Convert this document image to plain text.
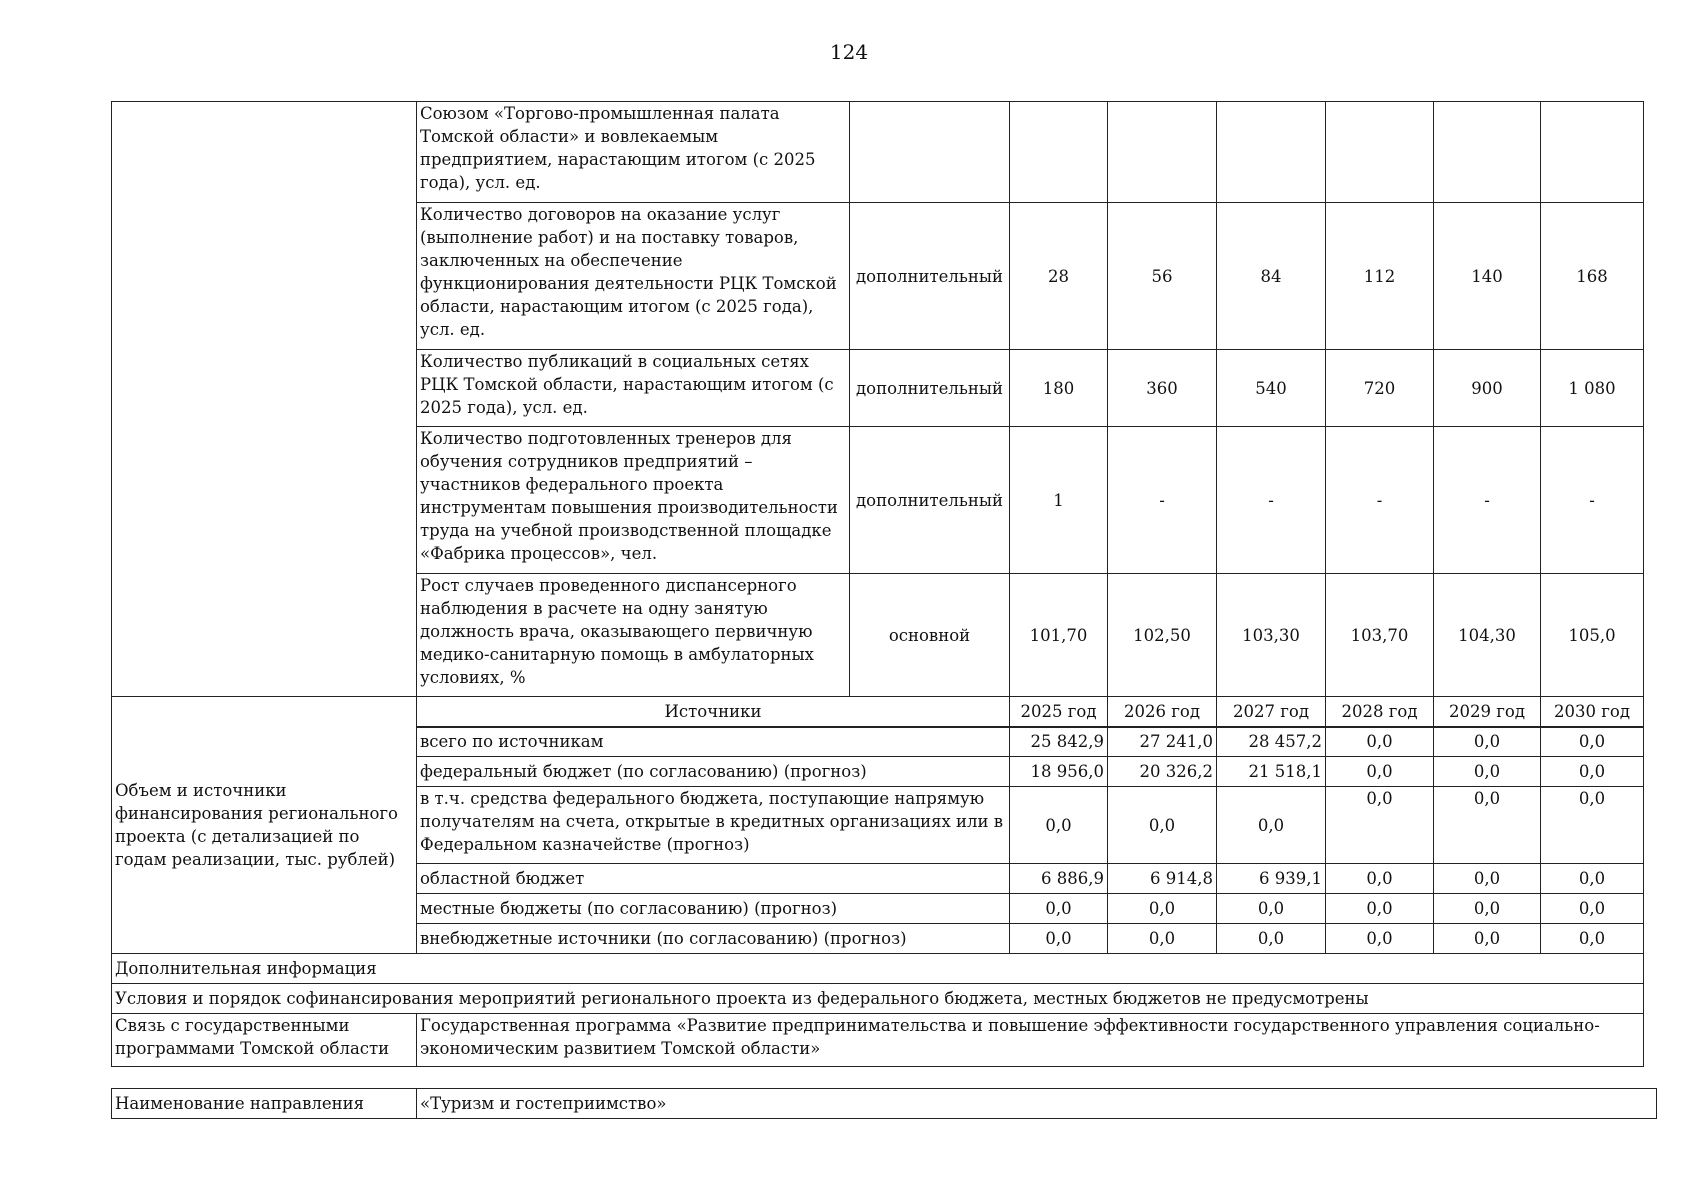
124
	Союзом «Торгово-промышленная палата Томской области» и вовлекаемым предприятием, нарастающим итогом (с 2025 года), усл. ед.							
	Количество договоров на оказание услуг (выполнение работ) и на поставку товаров, заключенных на обеспечение функционирования деятельности РЦК Томской области, нарастающим итогом (с 2025 года), усл. ед.	дополнительный	28	56	84	112	140	168
	Количество публикаций в социальных сетях РЦК Томской области, нарастающим итогом (с 2025 года), усл. ед.	дополнительный	180	360	540	720	900	1 080
	Количество подготовленных тренеров для обучения сотрудников предприятий – участников федерального проекта инструментам повышения производительности труда на учебной производственной площадке «Фабрика процессов», чел.	дополнительный	1	-	-	-	-	-
	Рост случаев проведенного диспансерного наблюдения в расчете на одну занятую должность врача, оказывающего первичную медико-санитарную помощь в амбулаторных условиях, %	основной	101,70	102,50	103,30	103,70	104,30	105,0
Объем и источники финансирования регионального проекта (с детализацией по годам реализации, тыс. рублей)	Источники		2025 год	2026 год	2027 год	2028 год	2029 год	2030 год
	всего по источникам		25 842,9	27 241,0	28 457,2	0,0	0,0	0,0
	федеральный бюджет (по согласованию) (прогноз)		18 956,0	20 326,2	21 518,1	0,0	0,0	0,0
	в т.ч. средства федерального бюджета, поступающие напрямую получателям на счета, открытые в кредитных организациях или в Федеральном казначействе (прогноз)		0,0	0,0	0,0	0,0	0,0	0,0
	областной бюджет		6 886,9	6 914,8	6 939,1	0,0	0,0	0,0
	местные бюджеты (по согласованию) (прогноз)		0,0	0,0	0,0	0,0	0,0	0,0
	внебюджетные источники (по согласованию) (прогноз)		0,0	0,0	0,0	0,0	0,0	0,0
Дополнительная информация								
Условия и порядок софинансирования мероприятий регионального проекта из федерального бюджета, местных бюджетов не предусмотрены								
Связь с государственными программами Томской области	Государственная программа «Развитие предпринимательства и повышение эффективности государственного управления социально-экономическим развитием Томской области»							
Наименование направления	«Туризм и гостеприимство»
